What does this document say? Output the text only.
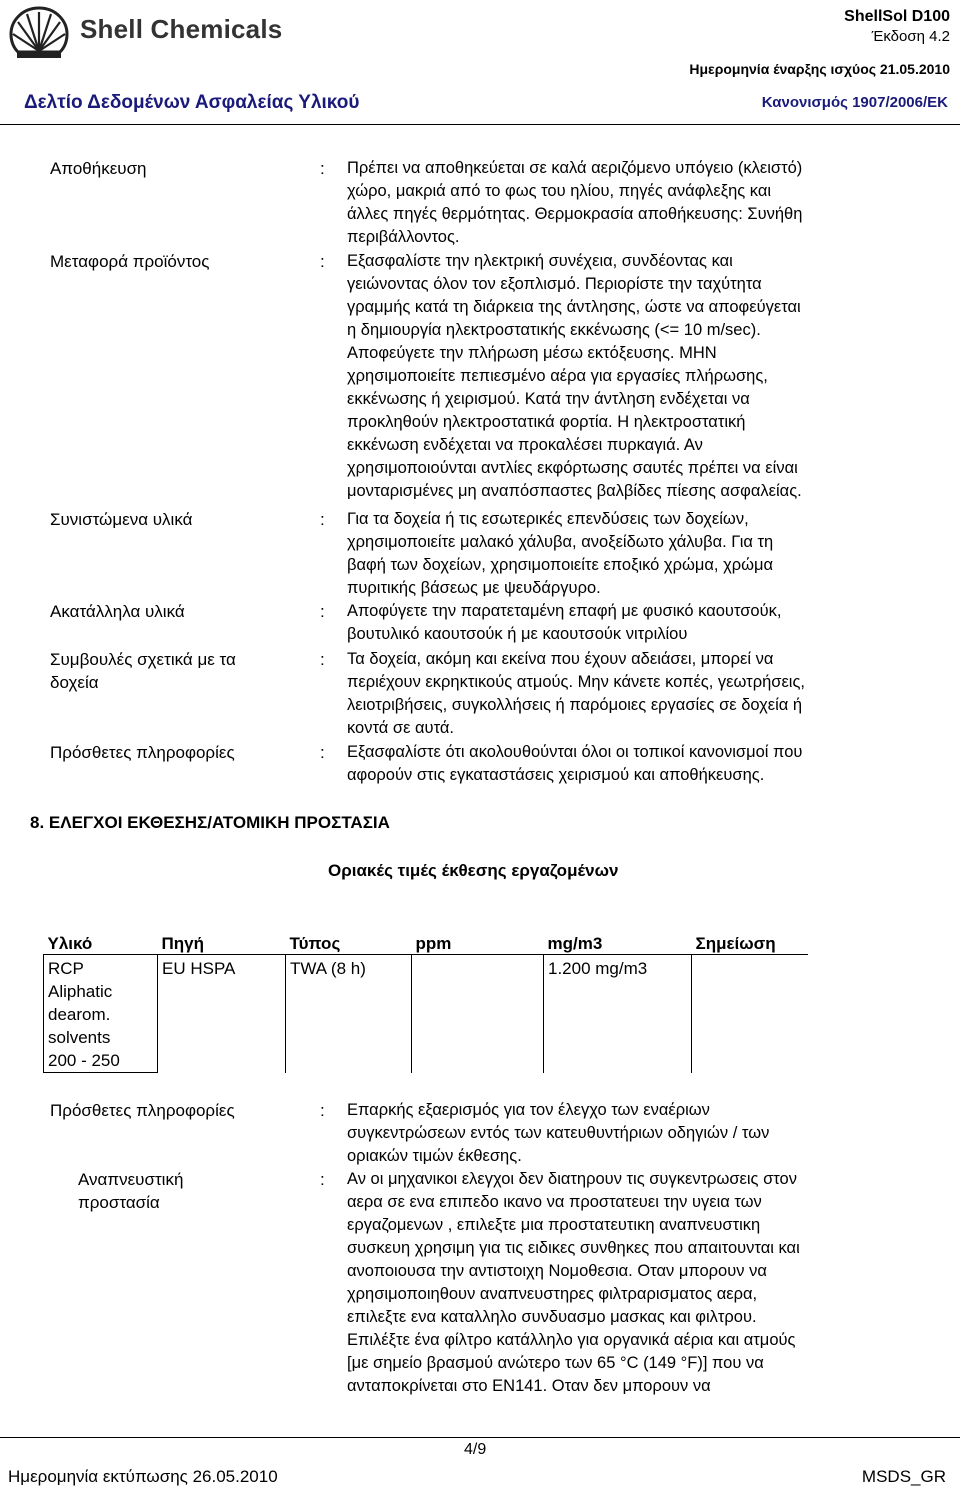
Shell Chemicals	ShellSol D100
Έκδοση 4.2
Ημερομηνία έναρξης ισχύος 21.05.2010
Δελτίο Δεδομένων Ασφαλείας Υλικού	Κανονισμός 1907/2006/ΕΚ
Αποθήκευση	: Πρέπει να αποθηκεύεται σε καλά αεριζόμενο υπόγειο (κλειστό)
χώρο, μακριά από το φως του ηλίου, πηγές ανάφλεξης και
άλλες πηγές θερμότητας. Θερμοκρασία αποθήκευσης: Συνήθη
περιβάλλοντος.
Μεταφορά προϊόντος	: Εξασφαλίστε την ηλεκτρική συνέχεια, συνδέοντας και
γειώνοντας όλον τον εξοπλισμό. Περιορίστε την ταχύτητα
γραμμής κατά τη διάρκεια της άντλησης, ώστε να αποφεύγεται
η δημιουργία ηλεκτροστατικής εκκένωσης (<= 10 m/sec).
Αποφεύγετε την πλήρωση μέσω εκτόξευσης. ΜΗΝ
χρησιμοποιείτε πεπιεσμένο αέρα για εργασίες πλήρωσης,
εκκένωσης ή χειρισμού. Κατά την άντληση ενδέχεται να
προκληθούν ηλεκτροστατικά φορτία. Η ηλεκτροστατική
εκκένωση ενδέχεται να προκαλέσει πυρκαγιά. Αν
χρησιμοποιούνται αντλίες εκφόρτωσης σαυτές πρέπει να είναι
μονταρισμένες μη αναπόσπαστες βαλβίδες πίεσης ασφαλείας.
Συνιστώμενα υλικά	: Για τα δοχεία ή τις εσωτερικές επενδύσεις των δοχείων,
χρησιμοποιείτε μαλακό χάλυβα, ανοξείδωτο χάλυβα. Για τη
βαφή των δοχείων, χρησιμοποιείτε εποξικό χρώμα, χρώμα
πυριτικής βάσεως με ψευδάργυρο.
Ακατάλληλα υλικά	: Αποφύγετε την παρατεταμένη επαφή με φυσικό καουτσούκ,
βουτυλικό καουτσούκ ή με καουτσούκ νιτριλίου
Συμβουλές σχετικά με τα
δοχεία
: Τα δοχεία, ακόμη και εκείνα που έχουν αδειάσει, μπορεί να
περιέχουν εκρηκτικούς ατμούς. Μην κάνετε κοπές, γεωτρήσεις,
λειοτριβήσεις, συγκολλήσεις ή παρόμοιες εργασίες σε δοχεία ή
κοντά σε αυτά.
Πρόσθετες πληροφορίες	: Εξασφαλίστε ότι ακολουθούνται όλοι οι τοπικοί κανονισμοί που
αφορούν στις εγκαταστάσεις χειρισμού και αποθήκευσης.
8. ΕΛΕΓΧΟΙ ΕΚΘΕΣΗΣ/ΑΤΟΜΙΚΗ ΠΡΟΣΤΑΣΙΑ
Οριακές τιμές έκθεσης εργαζομένων
Υλικό	Πηγή	Τύπος	ppm	mg/m3	Σημείωση

RCP
Aliphatic
dearom.
solvents
200 - 250	EU HSPA	TWA (8 h)		1.200 mg/m3	
Πρόσθετες πληροφορίες	: Επαρκής εξαερισμός για τον έλεγχο των εναέριων
συγκεντρώσεων εντός των κατευθυντήριων οδηγιών / των
οριακών τιμών έκθεσης.
Αναπνευστική
προστασία
: Αν οι μηχανικοι ελεγχοι δεν διατηρουν τις συγκεντρωσεις στον
αερα σε ενα επιπεδο ικανο να προστατευει την υγεια των
εργαζομενων , επιλεξτε μια προστατευτικη αναπνευστικη
συσκευη χρησιμη για τις ειδικες συνθηκες που απαιτουνται και
ανοποιουσα την αντιστοιχη Νομοθεσια. Οταν μπορουν να
χρησιμοποιηθουν αναπνευστηρες φιλτραρισματος αερα,
επιλεξτε ενα καταλληλο συνδυασμο μασκας και φιλτρου.
Επιλέξτε ένα φίλτρο κατάλληλο για οργανικά αέρια και ατμούς
[με σημείο βρασμού ανώτερο των 65 °C (149 °F)] που να
ανταποκρίνεται στο EN141. Οταν δεν μπορουν να
4/9
Ημερομηνία εκτύπωσης 26.05.2010	MSDS_GR
